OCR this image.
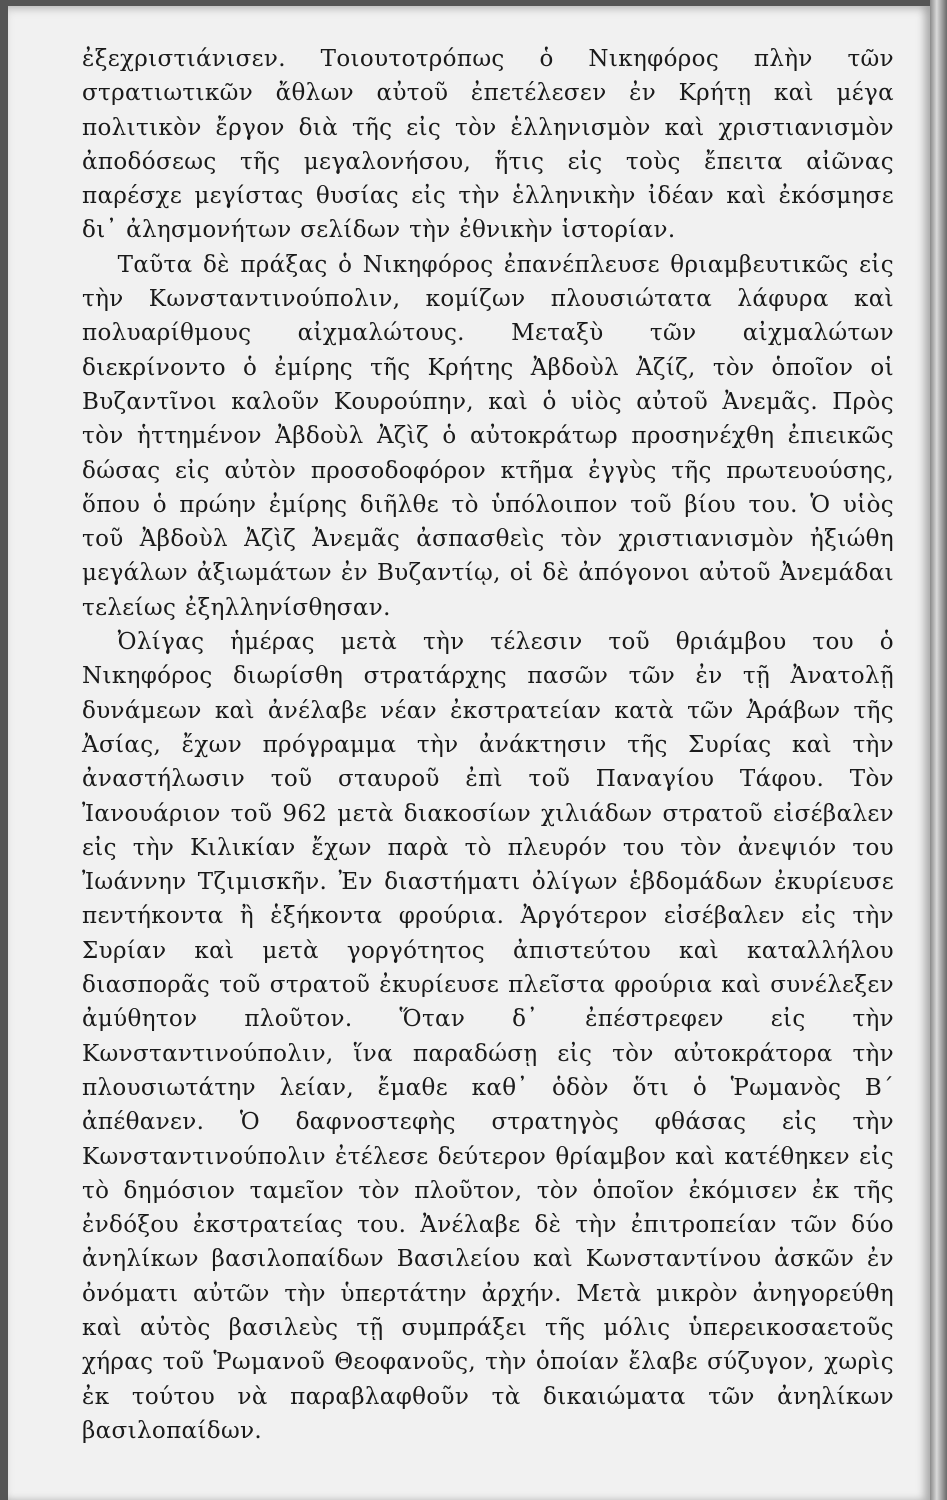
ἐξεχριστιάνισεν. Τοιουτοτρόπως ὁ Νικηφόρος πλὴν τῶν στρατιωτικῶν ἄθλων αὐτοῦ ἐπετέλεσεν ἐν Κρήτῃ καὶ μέγα πολιτικὸν ἔργον διὰ τῆς εἰς τὸν ἑλληνισμὸν καὶ χριστιανισμὸν ἀποδόσεως τῆς μεγαλονήσου, ἥτις εἰς τοὺς ἔπειτα αἰῶνας παρέσχε μεγίστας θυσίας εἰς τὴν ἑλληνικὴν ἰδέαν καὶ ἐκόσμησε δι᾽ ἀλησμονήτων σελίδων τὴν ἐθνικὴν ἱστορίαν.

Ταῦτα δὲ πράξας ὁ Νικηφόρος ἐπανέπλευσε θριαμβευτικῶς εἰς τὴν Κωνσταντινούπολιν, κομίζων πλουσιώτατα λάφυρα καὶ πολυαρίθμους αἰχμαλώτους. Μεταξὺ τῶν αἰχμαλώτων διεκρίνοντο ὁ ἐμίρης τῆς Κρήτης Ἀβδοὺλ Ἀζίζ, τὸν ὁποῖον οἱ Βυζαντῖνοι καλοῦν Κουρούπην, καὶ ὁ υἱὸς αὐτοῦ Ἀνεμᾶς. Πρὸς τὸν ἡττημένον Ἀβδοὺλ Ἀζὶζ ὁ αὐτοκράτωρ προσηνέχθη ἐπιεικῶς δώσας εἰς αὐτὸν προσοδοφόρον κτῆμα ἐγγὺς τῆς πρωτευούσης, ὅπου ὁ πρώην ἐμίρης διῆλθε τὸ ὑπόλοιπον τοῦ βίου του. Ὁ υἱὸς τοῦ Ἀβδοὺλ Ἀζὶζ Ἀνεμᾶς ἀσπασθεὶς τὸν χριστιανισμὸν ἠξιώθη μεγάλων ἀξιωμάτων ἐν Βυζαντίῳ, οἱ δὲ ἀπόγονοι αὐτοῦ Ἀνεμάδαι τελείως ἐξηλληνίσθησαν.

Ὀλίγας ἡμέρας μετὰ τὴν τέλεσιν τοῦ θριάμβου του ὁ Νικηφόρος διωρίσθη στρατάρχης πασῶν τῶν ἐν τῇ Ἀνατολῇ δυνάμεων καὶ ἀνέλαβε νέαν ἐκστρατείαν κατὰ τῶν Ἀράβων τῆς Ἀσίας, ἔχων πρόγραμμα τὴν ἀνάκτησιν τῆς Συρίας καὶ τὴν ἀναστήλωσιν τοῦ σταυροῦ ἐπὶ τοῦ Παναγίου Τάφου. Τὸν Ἰανουάριον τοῦ 962 μετὰ διακοσίων χιλιάδων στρατοῦ εἰσέβαλεν εἰς τὴν Κιλικίαν ἔχων παρὰ τὸ πλευρόν του τὸν ἀνεψιόν του Ἰωάννην Τζιμισκῆν. Ἐν διαστήματι ὀλίγων ἑβδομάδων ἐκυρίευσε πεντήκοντα ἢ ἑξήκοντα φρούρια. Ἀργότερον εἰσέβαλεν εἰς τὴν Συρίαν καὶ μετὰ γοργότητος ἀπιστεύτου καὶ καταλλήλου διασπορᾶς τοῦ στρατοῦ ἐκυρίευσε πλεῖστα φρούρια καὶ συνέλεξεν ἀμύθητον πλοῦτον. Ὅταν δ᾽ ἐπέστρεφεν εἰς τὴν Κωνσταντινούπολιν, ἵνα παραδώσῃ εἰς τὸν αὐτοκράτορα τὴν πλουσιωτάτην λείαν, ἔμαθε καθ᾽ ὁδὸν ὅτι ὁ Ῥωμανὸς Β´ ἀπέθανεν. Ὁ δαφνοστεφὴς στρατηγὸς φθάσας εἰς τὴν Κωνσταντινούπολιν ἐτέλεσε δεύτερον θρίαμβον καὶ κατέθηκεν εἰς τὸ δημόσιον ταμεῖον τὸν πλοῦτον, τὸν ὁποῖον ἐκόμισεν ἐκ τῆς ἐνδόξου ἐκστρατείας του. Ἀνέλαβε δὲ τὴν ἐπιτροπείαν τῶν δύο ἀνηλίκων βασιλοπαίδων Βασιλείου καὶ Κωνσταντίνου ἀσκῶν ἐν ὀνόματι αὐτῶν τὴν ὑπερτάτην ἀρχήν. Μετὰ μικρὸν ἀνηγορεύθη καὶ αὐτὸς βασιλεὺς τῇ συμπράξει τῆς μόλις ὑπερεικοσαετοῦς χήρας τοῦ Ῥωμανοῦ Θεοφανοῦς, τὴν ὁποίαν ἔλαβε σύζυγον, χωρὶς ἐκ τούτου νὰ παραβλαφθοῦν τὰ δικαιώματα τῶν ἀνηλίκων βασιλοπαίδων.
